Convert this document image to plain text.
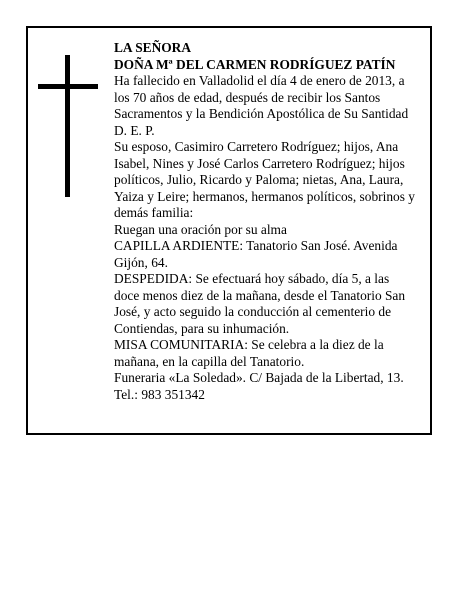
LA SEÑORA

DOÑA Mª DEL CARMEN RODRÍGUEZ PATÍN

Ha fallecido en Valladolid el día 4 de enero de 2013, a los 70 años de edad, después de recibir los Santos Sacramentos y la Bendición Apostólica de Su Santidad D. E. P.

Su esposo, Casimiro Carretero Rodríguez; hijos, Ana Isabel, Nines y José Carlos Carretero Rodríguez; hijos políticos, Julio, Ricardo y Paloma; nietas, Ana, Laura, Yaiza y Leire; hermanos, hermanos políticos, sobrinos y demás familia:

Ruegan una oración por su alma

CAPILLA ARDIENTE: Tanatorio San José. Avenida Gijón, 64.

DESPEDIDA: Se efectuará hoy sábado, día 5, a las doce menos diez de la mañana, desde el Tanatorio San José, y acto seguido la conducción al cementerio de Contiendas, para su inhumación.

MISA COMUNITARIA: Se celebra a la diez de la mañana, en la capilla del Tanatorio.

Funeraria «La Soledad». C/ Bajada de la Libertad, 13. Tel.: 983 351342
